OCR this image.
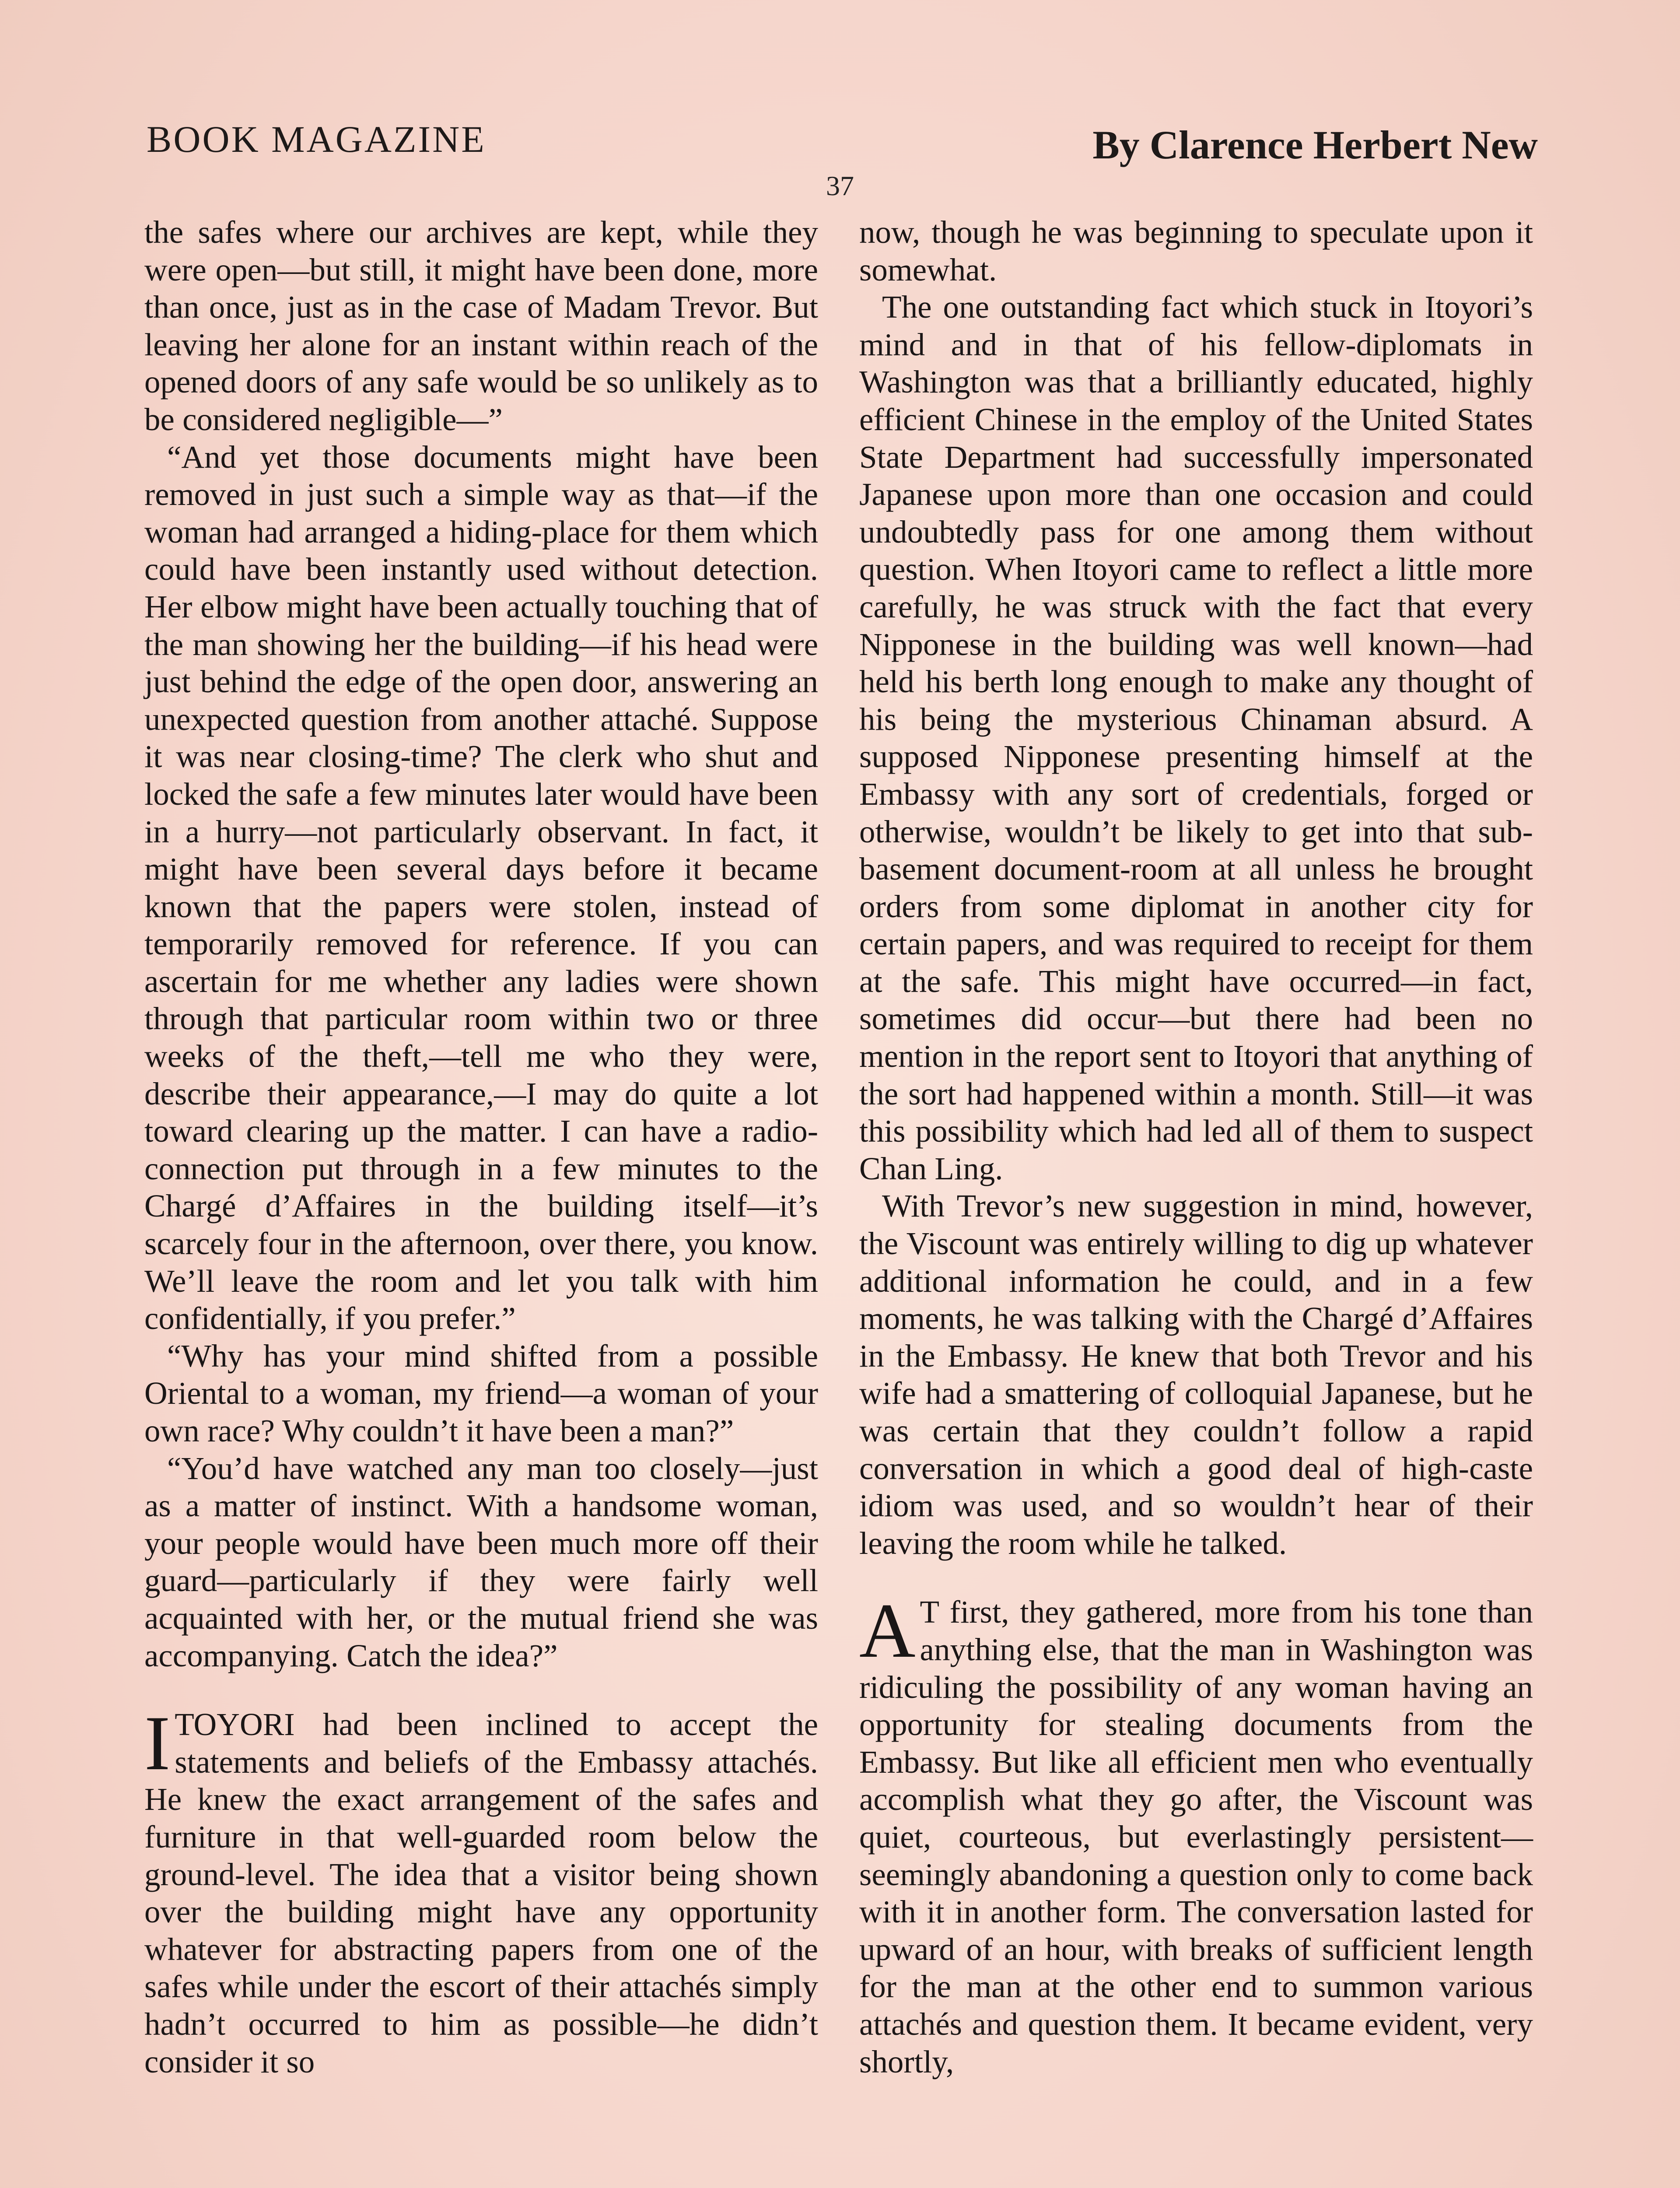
BOOK MAGAZINE	By Clarence Herbert New
37

the safes where our archives are kept, while they were open—but still, it might have been done, more than once, just as in the case of Madam Trevor. But leaving her alone for an instant within reach of the opened doors of any safe would be so unlikely as to be considered negligible—”

“And yet those documents might have been removed in just such a simple way as that—if the woman had arranged a hiding-place for them which could have been instantly used without detection. Her elbow might have been actually touching that of the man showing her the building—if his head were just behind the edge of the open door, answering an unexpected question from another attaché. Suppose it was near closing-time? The clerk who shut and locked the safe a few minutes later would have been in a hurry—not particularly observant. In fact, it might have been several days before it became known that the papers were stolen, instead of temporarily removed for reference. If you can ascertain for me whether any ladies were shown through that particular room within two or three weeks of the theft,—tell me who they were, describe their appearance,—I may do quite a lot toward clearing up the matter. I can have a radio-connection put through in a few minutes to the Chargé d’Affaires in the building itself—it’s scarcely four in the afternoon, over there, you know. We’ll leave the room and let you talk with him confidentially, if you prefer.”

“Why has your mind shifted from a possible Oriental to a woman, my friend—a woman of your own race? Why couldn’t it have been a man?”

“You’d have watched any man too closely—just as a matter of instinct. With a handsome woman, your people would have been much more off their guard—particularly if they were fairly well acquainted with her, or the mutual friend she was accompanying. Catch the idea?”

ITOYORI had been inclined to accept the statements and beliefs of the Embassy attachés. He knew the exact arrangement of the safes and furniture in that well-guarded room below the ground-level. The idea that a visitor being shown over the building might have any opportunity whatever for abstracting papers from one of the safes while under the escort of their attachés simply hadn’t occurred to him as possible—he didn’t consider it so

now, though he was beginning to speculate upon it somewhat.

The one outstanding fact which stuck in Itoyori’s mind and in that of his fellow-diplomats in Washington was that a brilliantly educated, highly efficient Chinese in the employ of the United States State Department had successfully impersonated Japanese upon more than one occasion and could undoubtedly pass for one among them without question. When Itoyori came to reflect a little more carefully, he was struck with the fact that every Nipponese in the building was well known—had held his berth long enough to make any thought of his being the mysterious Chinaman absurd. A supposed Nipponese presenting himself at the Embassy with any sort of credentials, forged or otherwise, wouldn’t be likely to get into that sub-basement document-room at all unless he brought orders from some diplomat in another city for certain papers, and was required to receipt for them at the safe. This might have occurred—in fact, sometimes did occur—but there had been no mention in the report sent to Itoyori that anything of the sort had happened within a month. Still—it was this possibility which had led all of them to suspect Chan Ling.

With Trevor’s new suggestion in mind, however, the Viscount was entirely willing to dig up whatever additional information he could, and in a few moments, he was talking with the Chargé d’Affaires in the Embassy. He knew that both Trevor and his wife had a smattering of colloquial Japanese, but he was certain that they couldn’t follow a rapid conversation in which a good deal of high-caste idiom was used, and so wouldn’t hear of their leaving the room while he talked.

A T first, they gathered, more from his tone than anything else, that the man in Washington was ridiculing the possibility of any woman having an opportunity for stealing documents from the Embassy. But like all efficient men who eventually accomplish what they go after, the Viscount was quiet, courteous, but everlastingly persistent—seemingly abandoning a question only to come back with it in another form. The conversation lasted for upward of an hour, with breaks of sufficient length for the man at the other end to summon various attachés and question them. It became evident, very shortly,
